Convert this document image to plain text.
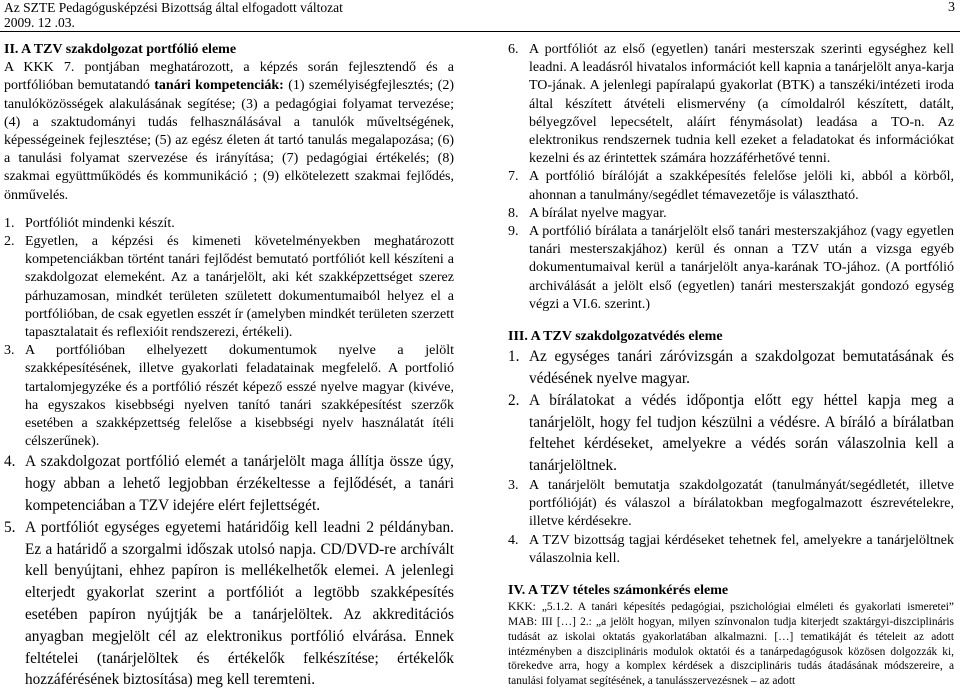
Az SZTE Pedagógusképzési Bizottság által elfogadott változat
2009. 12 .03.
3

II. A TZV szakdolgozat portfólió eleme

A KKK 7. pontjában meghatározott, a képzés során fejlesztendő és a portfólióban bemutatandó tanári kompetenciák: (1) személyiségfejlesztés; (2) tanulóközösségek alakulásának segítése; (3) a pedagógiai folyamat tervezése; (4) a szaktudományi tudás felhasználásával a tanulók műveltségének, képességeinek fejlesztése; (5) az egész életen át tartó tanulás megalapozása; (6) a tanulási folyamat szervezése és irányítása; (7) pedagógiai értékelés; (8) szakmai együttműködés és kommunikáció ; (9) elkötelezett szakmai fejlődés, önművelés.

1. Portfóliót mindenki készít.
2. Egyetlen, a képzési és kimeneti követelményekben meghatározott kompetenciákban történt tanári fejlődést bemutató portfóliót kell készíteni a szakdolgozat elemeként. Az a tanárjelölt, aki két szakképzettséget szerez párhuzamosan, mindkét területen született dokumentumaiból helyez el a portfólióban, de csak egyetlen esszét ír (amelyben mindkét területen szerzett tapasztalatait és reflexióit rendszerezi, értékeli).
3. A portfólióban elhelyezett dokumentumok nyelve a jelölt szakképesítésének, illetve gyakorlati feladatainak megfelelő. A portfolió tartalomjegyzéke és a portfólió részét képező esszé nyelve magyar (kivéve, ha egyszakos kisebbségi nyelven tanító tanári szakképesítést szerzők esetében a szakképzettség felelőse a kisebbségi nyelv használatát ítéli célszerűnek).
4. A szakdolgozat portfólió elemét a tanárjelölt maga állítja össze úgy, hogy abban a lehető legjobban érzékeltesse a fejlődését, a tanári kompetenciában a TZV idejére elért fejlettségét.
5. A portfóliót egységes egyetemi határidőig kell leadni 2 példányban. Ez a határidő a szorgalmi időszak utolsó napja. CD/DVD-re archívált kell benyújtani, ehhez papíron is mellékelhetők elemei. A jelenlegi elterjedt gyakorlat szerint a portfóliót a legtöbb szakképesítés esetében papíron nyújtják be a tanárjelöltek. Az akkreditációs anyagban megjelölt cél az elektronikus portfólió elvárása. Ennek feltételei (tanárjelöltek és értékelők felkészítése; értékelők hozzáférésének biztosítása) meg kell teremteni.
6. A portfóliót az első (egyetlen) tanári mesterszak szerinti egységhez kell leadni. A leadásról hivatalos információt kell kapnia a tanárjelölt anya-karja TO-jának. A jelenlegi papíralapú gyakorlat (BTK) a tanszéki/intézeti iroda által készített átvételi elismervény (a címoldalról készített, datált, bélyegzővel lepecsételt, aláírt fénymásolat) leadása a TO-n. Az elektronikus rendszernek tudnia kell ezeket a feladatokat és információkat kezelni és az érintettek számára hozzáférhetővé tenni.
7. A portfólió bírálóját a szakképesítés felelőse jelöli ki, abból a körből, ahonnan a tanulmány/segédlet témavezetője is választható.
8. A bírálat nyelve magyar.
9. A portfólió bírálata a tanárjelölt első tanári mesterszakjához (vagy egyetlen tanári mesterszakjához) kerül és onnan a TZV után a vizsga egyéb dokumentumaival kerül a tanárjelölt anya-karának TO-jához. (A portfólió archiválását a jelölt első (egyetlen) tanári mesterszakját gondozó egység végzi a VI.6. szerint.)

III. A TZV szakdolgozatvédés eleme

1. Az egységes tanári záróvizsgán a szakdolgozat bemutatásának és védésének nyelve magyar.
2. A bírálatokat a védés időpontja előtt egy héttel kapja meg a tanárjelölt, hogy fel tudjon készülni a védésre. A bíráló a bírálatban feltehet kérdéseket, amelyekre a védés során válaszolnia kell a tanárjelöltnek.
3. A tanárjelölt bemutatja szakdolgozatát (tanulmányát/segédletét, illetve portfólióját) és válaszol a bírálatokban megfogalmazott észrevételekre, illetve kérdésekre.
4. A TZV bizottság tagjai kérdéseket tehetnek fel, amelyekre a tanárjelöltnek válaszolnia kell.

IV. A TZV tételes számonkérés eleme

KKK: „5.1.2. A tanári képesítés pedagógiai, pszichológiai elméleti és gyakorlati ismeretei” MAB: III […] 2.: „a jelölt hogyan, milyen színvonalon tudja kiterjedt szaktárgyi-diszciplináris tudását az iskolai oktatás gyakorlatában alkalmazni. […] tematikáját és tételeit az adott intézményben a diszciplináris modulok oktatói és a tanárpedagógusok közösen dolgozzák ki, törekedve arra, hogy a komplex kérdések a diszciplináris tudás átadásának módszereire, a tanulási folyamat segítésének, a tanulásszervezésnek – az adott
